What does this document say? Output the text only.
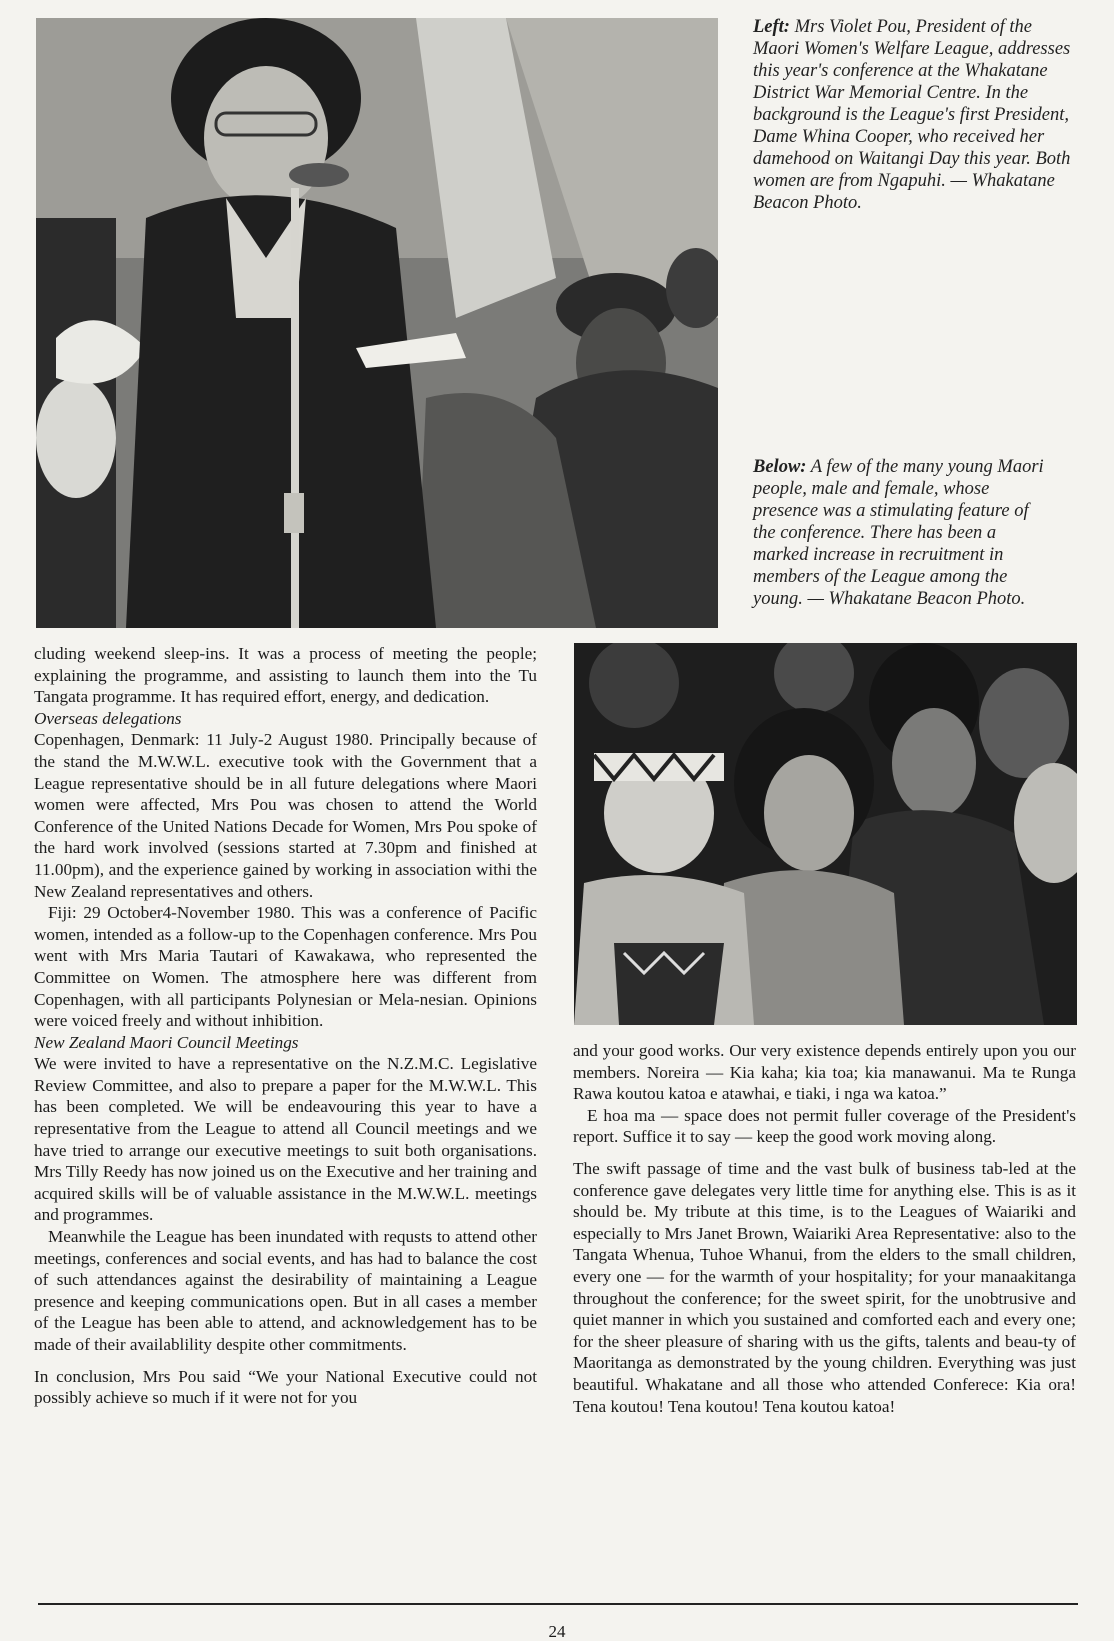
Left: Mrs Violet Pou, President of the Maori Women's Welfare League, addresses this year's conference at the Whakatane District War Memorial Centre. In the background is the League's first President, Dame Whina Cooper, who received her damehood on Waitangi Day this year. Both women are from Ngapuhi. — Whakatane Beacon Photo.
Below: A few of the many young Maori people, male and female, whose presence was a stimulating feature of the conference. There has been a marked increase in recruitment in members of the League among the young. — Whakatane Beacon Photo.

cluding weekend sleep-ins. It was a process of meeting the people; explaining the programme, and assisting to launch them into the Tu Tangata programme. It has required effort, energy, and dedication.

Overseas delegations

Copenhagen, Denmark: 11 July-2 August 1980. Principally because of the stand the M.W.W.L. executive took with the Government that a League representative should be in all future delegations where Maori women were affected, Mrs Pou was chosen to attend the World Conference of the United Nations Decade for Women, Mrs Pou spoke of the hard work involved (sessions started at 7.30pm and finished at 11.00pm), and the experience gained by working in association withi the New Zealand representatives and others.

Fiji: 29 October4-November 1980. This was a conference of Pacific women, intended as a follow-up to the Copenhagen conference. Mrs Pou went with Mrs Maria Tautari of Kawakawa, who represented the Committee on Women. The atmosphere here was different from Copenhagen, with all participants Polynesian or Mela-nesian. Opinions were voiced freely and without inhibition.

New Zealand Maori Council Meetings

We were invited to have a representative on the N.Z.M.C. Legislative Review Committee, and also to prepare a paper for the M.W.W.L. This has been completed. We will be endeavouring this year to have a representative from the League to attend all Council meetings and we have tried to arrange our executive meetings to suit both organisations. Mrs Tilly Reedy has now joined us on the Executive and her training and acquired skills will be of valuable assistance in the M.W.W.L. meetings and programmes.

Meanwhile the League has been inundated with requsts to attend other meetings, conferences and social events, and has had to balance the cost of such attendances against the desirability of maintaining a League presence and keeping communications open. But in all cases a member of the League has been able to attend, and acknowledgement has to be made of their availablility despite other commitments.

In conclusion, Mrs Pou said “We your National Executive could not possibly achieve so much if it were not for you

and your good works. Our very existence depends entirely upon you our members. Noreira — Kia kaha; kia toa; kia manawanui. Ma te Runga Rawa koutou katoa e atawhai, e tiaki, i nga wa katoa.”

E hoa ma — space does not permit fuller coverage of the President's report. Suffice it to say — keep the good work moving along.

The swift passage of time and the vast bulk of business tab-led at the conference gave delegates very little time for anything else. This is as it should be. My tribute at this time, is to the Leagues of Waiariki and especially to Mrs Janet Brown, Waiariki Area Representative: also to the Tangata Whenua, Tuhoe Whanui, from the elders to the small children, every one — for the warmth of your hospitality; for your manaakitanga throughout the conference; for the sweet spirit, for the unobtrusive and quiet manner in which you sustained and comforted each and every one; for the sheer pleasure of sharing with us the gifts, talents and beau-ty of Maoritanga as demonstrated by the young children. Everything was just beautiful. Whakatane and all those who attended Conferece: Kia ora! Tena koutou! Tena koutou! Tena koutou katoa!

24
